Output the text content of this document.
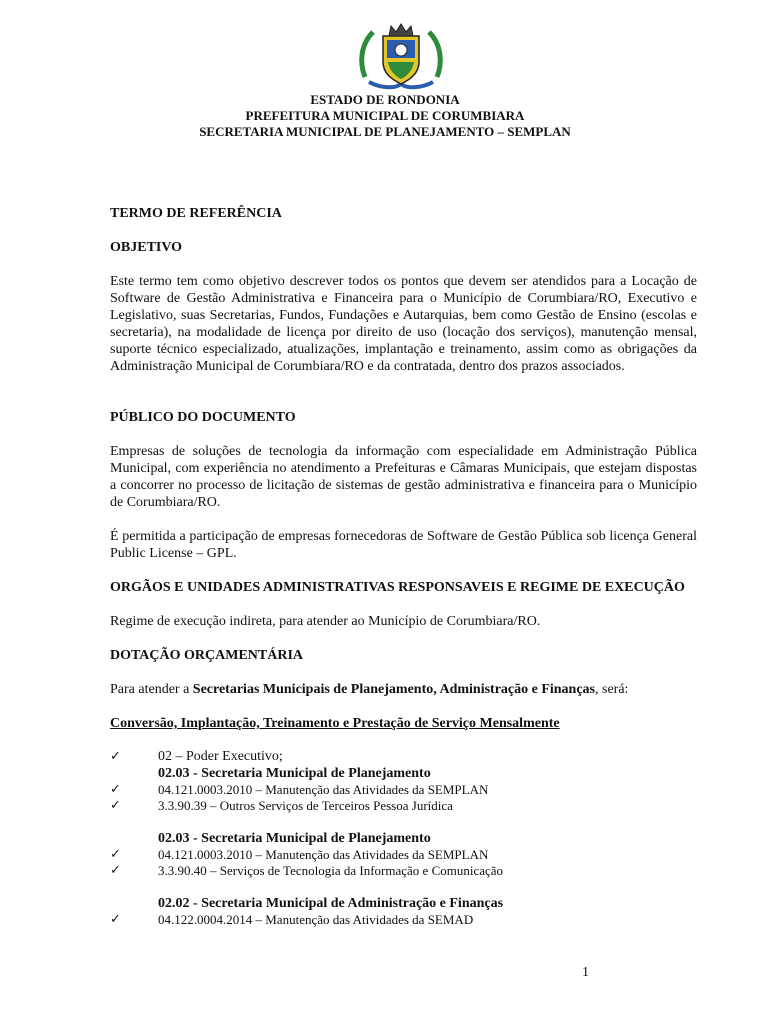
ESTADO DE RONDONIA
PREFEITURA MUNICIPAL DE CORUMBIARA
SECRETARIA MUNICIPAL DE PLANEJAMENTO – SEMPLAN

TERMO DE REFERÊNCIA

OBJETIVO

Este termo tem como objetivo descrever todos os pontos que devem ser atendidos para a Locação de Software de Gestão Administrativa e Financeira para o Município de Corumbiara/RO, Executivo e Legislativo, suas Secretarias, Fundos, Fundações e Autarquias, bem como Gestão de Ensino (escolas e secretaria), na modalidade de licença por direito de uso (locação dos serviços), manutenção mensal, suporte técnico especializado, atualizações, implantação e treinamento, assim como as obrigações da Administração Municipal de Corumbiara/RO e da contratada, dentro dos prazos associados.

PÚBLICO DO DOCUMENTO

Empresas de soluções de tecnologia da informação com especialidade em Administração Pública Municipal, com experiência no atendimento a Prefeituras e Câmaras Municipais, que estejam dispostas a concorrer no processo de licitação de sistemas de gestão administrativa e financeira para o Município de Corumbiara/RO.

É permitida a participação de empresas fornecedoras de Software de Gestão Pública sob licença General Public License – GPL.

ORGÃOS E UNIDADES ADMINISTRATIVAS RESPONSAVEIS E REGIME DE EXECUÇÃO

Regime de execução indireta, para atender ao Município de Corumbiara/RO.

DOTAÇÃO ORÇAMENTÁRIA

Para atender a Secretarias Municipais de Planejamento, Administração e Finanças, será:

Conversão, Implantação, Treinamento e Prestação de Serviço Mensalmente

✓	02 – Poder Executivo;
02.03 - Secretaria Municipal de Planejamento
✓	04.121.0003.2010 – Manutenção das Atividades da SEMPLAN
✓	3.3.90.39 – Outros Serviços de Terceiros Pessoa Jurídica
02.03 - Secretaria Municipal de Planejamento
✓	04.121.0003.2010 – Manutenção das Atividades da SEMPLAN
✓	3.3.90.40 – Serviços de Tecnologia da Informação e Comunicação
02.02 - Secretaria Municipal de Administração e Finanças
✓	04.122.0004.2014 – Manutenção das Atividades da SEMAD
1
